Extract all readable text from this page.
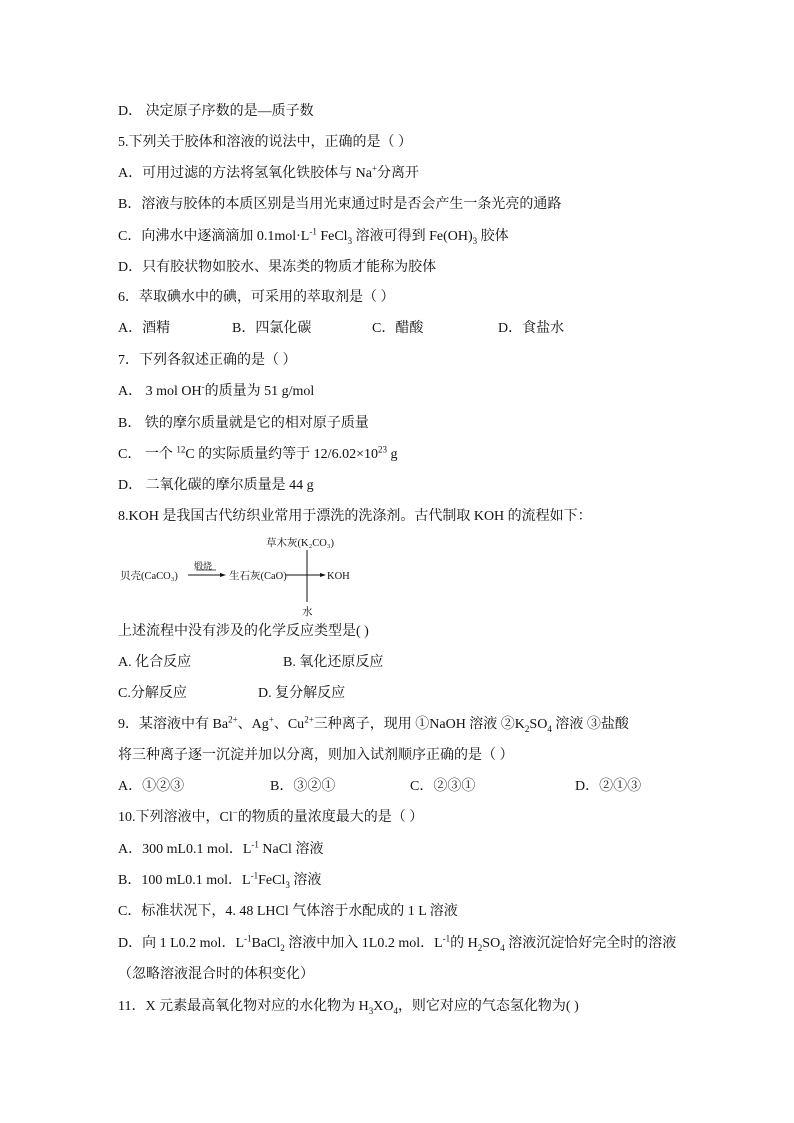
D． 决定原子序数的是—质子数
5.下列关于胶体和溶液的说法中，正确的是（ ）
A．可用过滤的方法将氢氧化铁胶体与 Na+分离开
B．溶液与胶体的本质区别是当用光束通过时是否会产生一条光亮的通路
C．向沸水中逐滴滴加 $0.1mol\cdot L^{-1}$ FeCl$_3$ 溶液可得到 $Fe(OH)_3$ 胶体
D．只有胶状物如胶水、果冻类的物质才能称为胶体
6．萃取碘水中的碘，可采用的萃取剂是（ ）
A．酒精	B．四氯化碳	C．醋酸	D．食盐水
7．下列各叙述正确的是（ ）
A． 3 mol OH-的质量为 51 g/mol
B． 铁的摩尔质量就是它的相对原子质量
C． 一个 $^{12}$C 的实际质量约等于 $12/6.02\times 10^{23}$ g
D． 二氧化碳的摩尔质量是 44 g
8.KOH 是我国古代纺织业常用于漂洗的洗涤剂。古代制取 KOH 的流程如下：
草木灰(K₂CO₃)
贝壳(CaCO₃)
煅烧
生石灰(CaO)	KOH
水
上述流程中没有涉及的化学反应类型是( )
A. 化合反应	B. 氧化还原反应
C.分解反应	D. 复分解反应
9．某溶液中有 $Ba^{2+}$、Ag+、$Cu^{2+}$三种离子，现用 ①NaOH 溶液 $②K_2SO_4$ 溶液 ③盐酸
将三种离子逐一沉淀并加以分离，则加入试剂顺序正确的是（ ）
A．①②③	B．③②①	C．②③①	D．②①③
10.下列溶液中，Cl−的物质的量浓度最大的是（ ）
A．300 mL0.1 mol．$L^{-1}$ NaCl 溶液
B．100 mL0.1 mol．$L^{-1}FeCl_3$ 溶液
C．标准状况下，4. 48 LHCl 气体溶于水配成的 1 L 溶液
D．向 1 L0.2 mol．$L^{-1}BaCl_2$ 溶液中加入 1L0.2 mol．$L^{-1}$的 $H_2SO_4$ 溶液沉淀恰好完全时的溶液
（忽略溶液混合时的体积变化）
11．X 元素最高氧化物对应的水化物为 $H_3XO_4$，则它对应的气态氢化物为( )
